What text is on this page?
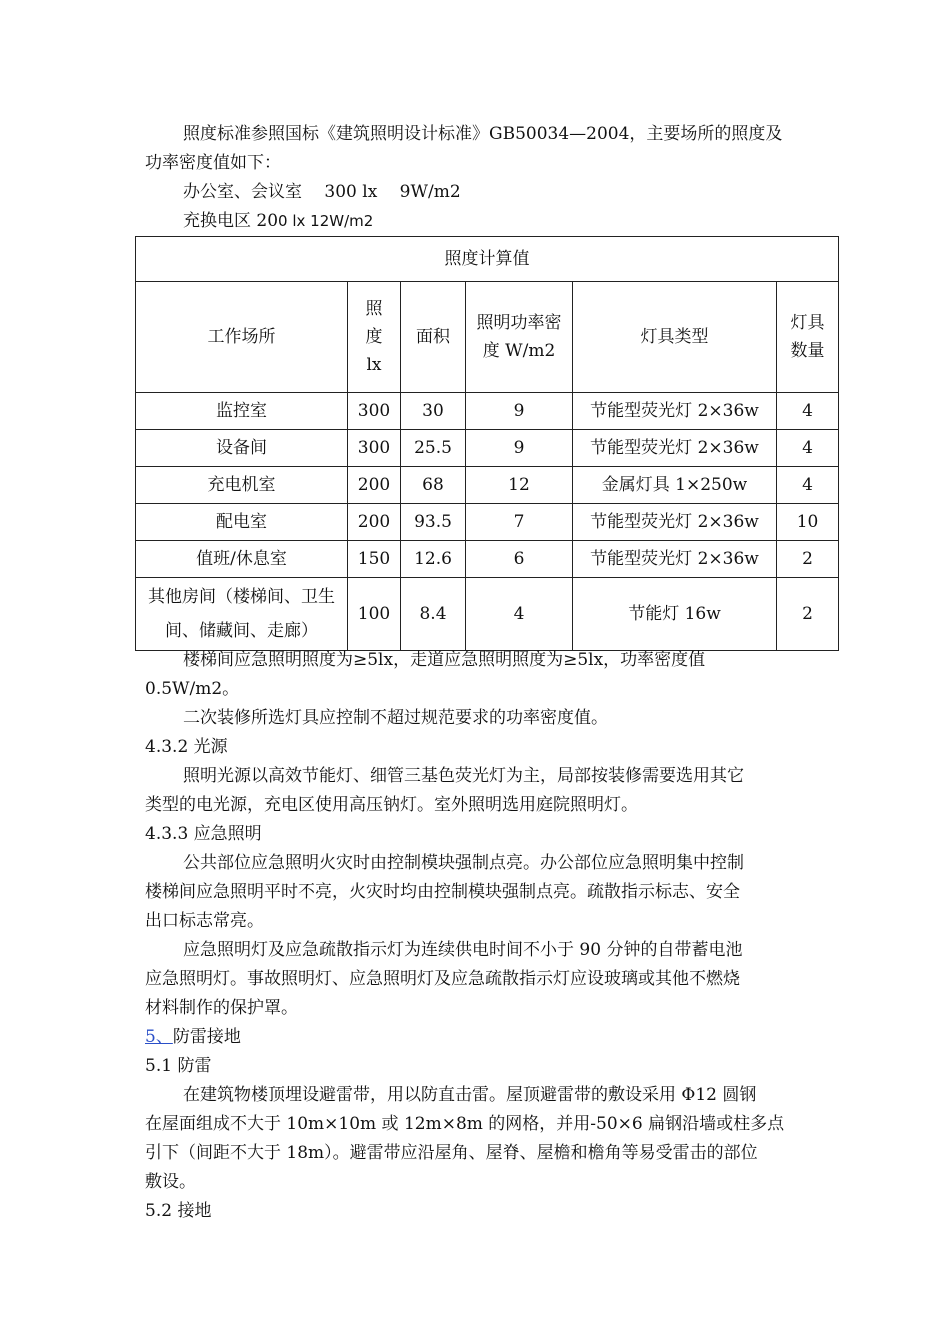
照度标准参照国标《建筑照明设计标准》GB50034—2004，主要场所的照度及
功率密度值如下：
办公室、会议室　 300 lx　 9W/m2
充换电区 200 lx 12W/m2
照度计算值					
工作场所	照度lx	面积	照明功率密度 W/m2	灯具类型	灯具数量
监控室	300	30	9	节能型荧光灯 2×36w	4
设备间	300	25.5	9	节能型荧光灯 2×36w	4
充电机室	200	68	12	金属灯具 1×250w	4
配电室	200	93.5	7	节能型荧光灯 2×36w	10
值班/休息室	150	12.6	6	节能型荧光灯 2×36w	2
其他房间（楼梯间、卫生间、储藏间、走廊）	100	8.4	4	节能灯 16w	2
楼梯间应急照明照度为≥5lx，走道应急照明照度为≥5lx，功率密度值
0.5W/m2。
二次装修所选灯具应控制不超过规范要求的功率密度值。
4.3.2 光源
照明光源以高效节能灯、细管三基色荧光灯为主，局部按装修需要选用其它
类型的电光源，充电区使用高压钠灯。室外照明选用庭院照明灯。
4.3.3 应急照明
公共部位应急照明火灾时由控制模块强制点亮。办公部位应急照明集中控制
楼梯间应急照明平时不亮，火灾时均由控制模块强制点亮。疏散指示标志、安全
出口标志常亮。
应急照明灯及应急疏散指示灯为连续供电时间不小于 90 分钟的自带蓄电池
应急照明灯。事故照明灯、应急照明灯及应急疏散指示灯应设玻璃或其他不燃烧
材料制作的保护罩。
5、防雷接地
5.1 防雷
在建筑物楼顶埋设避雷带，用以防直击雷。屋顶避雷带的敷设采用 Φ12 圆钢
在屋面组成不大于 10m×10m 或 12m×8m 的网格，并用-50×6 扁钢沿墙或柱多点
引下（间距不大于 18m）。避雷带应沿屋角、屋脊、屋檐和檐角等易受雷击的部位
敷设。
5.2 接地
